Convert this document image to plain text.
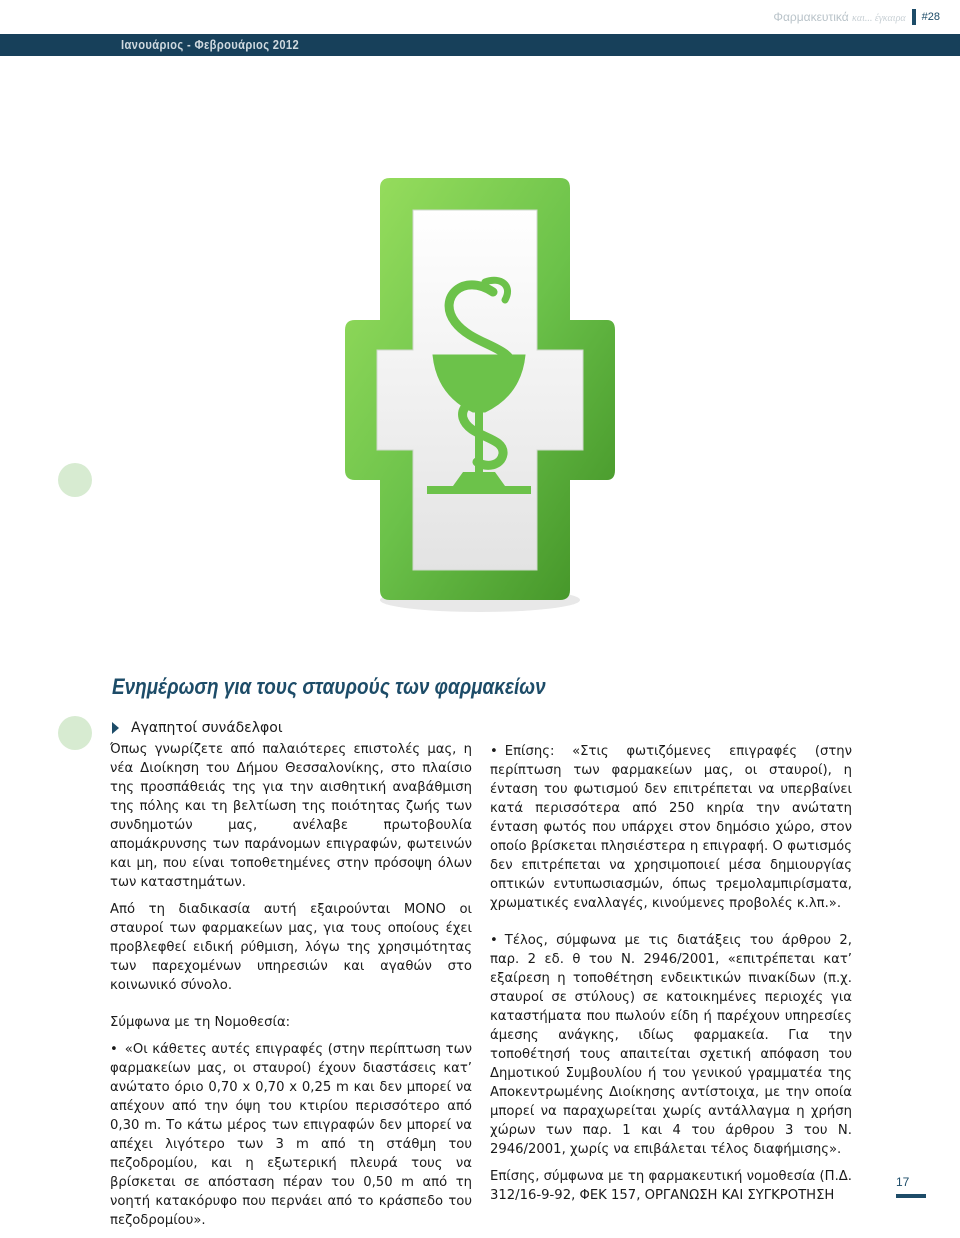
Φαρμακευτικά και... έγκαιρα #28
Ιανουάριος - Φεβρουάριος 2012
Ενημέρωση για τους σταυρούς των φαρμακείων
Αγαπητοί συνάδελφοι

Όπως γνωρίζετε από παλαιότερες επιστολές μας, η νέα Διοίκηση του Δήμου Θεσσαλονίκης, στο πλαίσιο της προσπάθειάς της για την αισθητική αναβάθμιση της πόλης και τη βελτίωση της ποιότητας ζωής των συνδημοτών μας, ανέλαβε πρωτοβουλία απομάκρυνσης των παράνομων επιγραφών, φωτεινών και μη, που είναι τοποθετημένες στην πρόσοψη όλων των καταστημάτων.

Από τη διαδικασία αυτή εξαιρούνται ΜΟΝΟ οι σταυροί των φαρμακείων μας, για τους οποίους έχει προβλεφθεί ειδική ρύθμιση, λόγω της χρησιμότητας των παρεχομένων υπηρεσιών και αγαθών στο κοινωνικό σύνολο.

Σύμφωνα με τη Νομοθεσία:

• «Οι κάθετες αυτές επιγραφές (στην περίπτωση των φαρμακείων μας, οι σταυροί) έχουν διαστάσεις κατ’ ανώτατο όριο 0,70 x 0,70 x 0,25 m και δεν μπορεί να απέχουν από την όψη του κτιρίου περισσότερο από 0,30 m. Το κάτω μέρος των επιγραφών δεν μπορεί να απέχει λιγότερο των 3 m από τη στάθμη του πεζοδρομίου, και η εξωτερική πλευρά τους να βρίσκεται σε απόσταση πέραν του 0,50 m από τη νοητή κατακόρυφο που περνάει από το κράσπεδο του πεζοδρομίου».

• Επίσης: «Στις φωτιζόμενες επιγραφές (στην περίπτωση των φαρμακείων μας, οι σταυροί), η ένταση του φωτισμού δεν επιτρέπεται να υπερβαίνει κατά περισσότερα από 250 κηρία την ανώτατη ένταση φωτός που υπάρχει στον δημόσιο χώρο, στον οποίο βρίσκεται πλησιέστερα η επιγραφή. Ο φωτισμός δεν επιτρέπεται να χρησιμοποιεί μέσα δημιουργίας οπτικών εντυπωσιασμών, όπως τρεμολαμπιρίσματα, χρωματικές εναλλαγές, κινούμενες προβολές κ.λπ.».

• Τέλος, σύμφωνα με τις διατάξεις του άρθρου 2, παρ. 2 εδ. θ του Ν. 2946/2001, «επιτρέπεται κατ’ εξαίρεση η τοποθέτηση ενδεικτικών πινακίδων (π.χ. σταυροί σε στύλους) σε κατοικημένες περιοχές για καταστήματα που πωλούν είδη ή παρέχουν υπηρεσίες άμεσης ανάγκης, ιδίως φαρμακεία. Για την τοποθέτησή τους απαιτείται σχετική απόφαση του Δημοτικού Συμβουλίου ή του γενικού γραμματέα της Αποκεντρωμένης Διοίκησης αντίστοιχα, με την οποία μπορεί να παραχωρείται χωρίς αντάλλαγμα η χρήση χώρων των παρ. 1 και 4 του άρθρου 3 του Ν. 2946/2001, χωρίς να επιβάλεται τέλος διαφήμισης».

Επίσης, σύμφωνα με τη φαρμακευτική νομοθεσία (Π.Δ. 312/16-9-92, ΦΕΚ 157, ΟΡΓΑΝΩΣΗ ΚΑΙ ΣΥΓΚΡΟΤΗΣΗ

17
